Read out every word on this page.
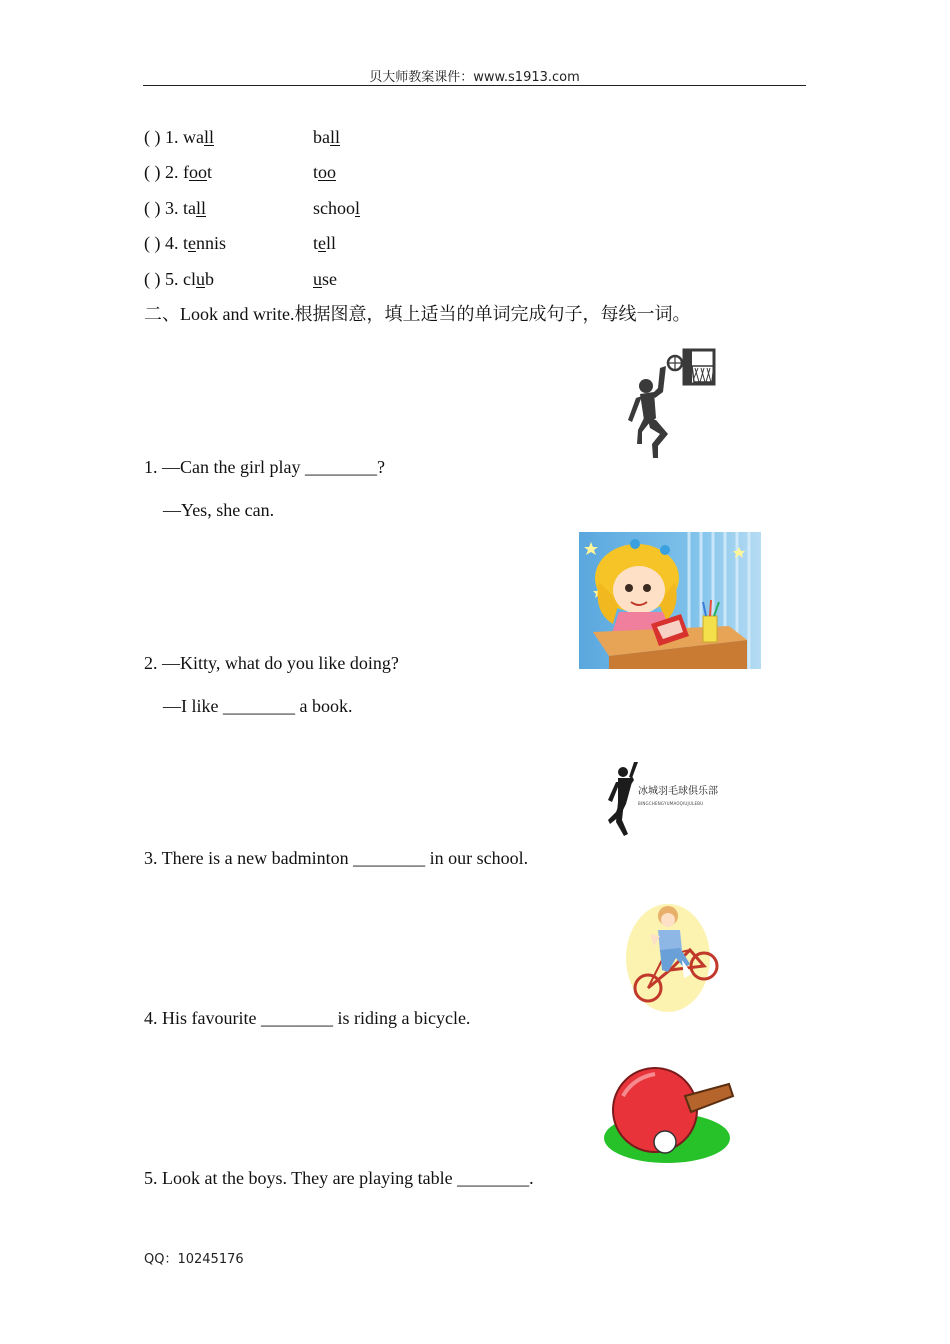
贝大师教案课件：www.s1913.com
( ) 1. wall	ball
( ) 2. foot	too
( ) 3. tall	school
( ) 4. tennis	tell
( ) 5. club	use
二、Look and write.根据图意，填上适当的单词完成句子，每线一词。
1. —Can the girl play ________?
—Yes, she can.
2. —Kitty, what do you like doing?
—I like ________ a book.
冰城羽毛球俱乐部
BINGCHENGYUMAOQIUJULEBU
3. There is a new badminton ________ in our school.
4. His favourite ________ is riding a bicycle.
5. Look at the boys. They are playing table ________.
QQ：10245176
